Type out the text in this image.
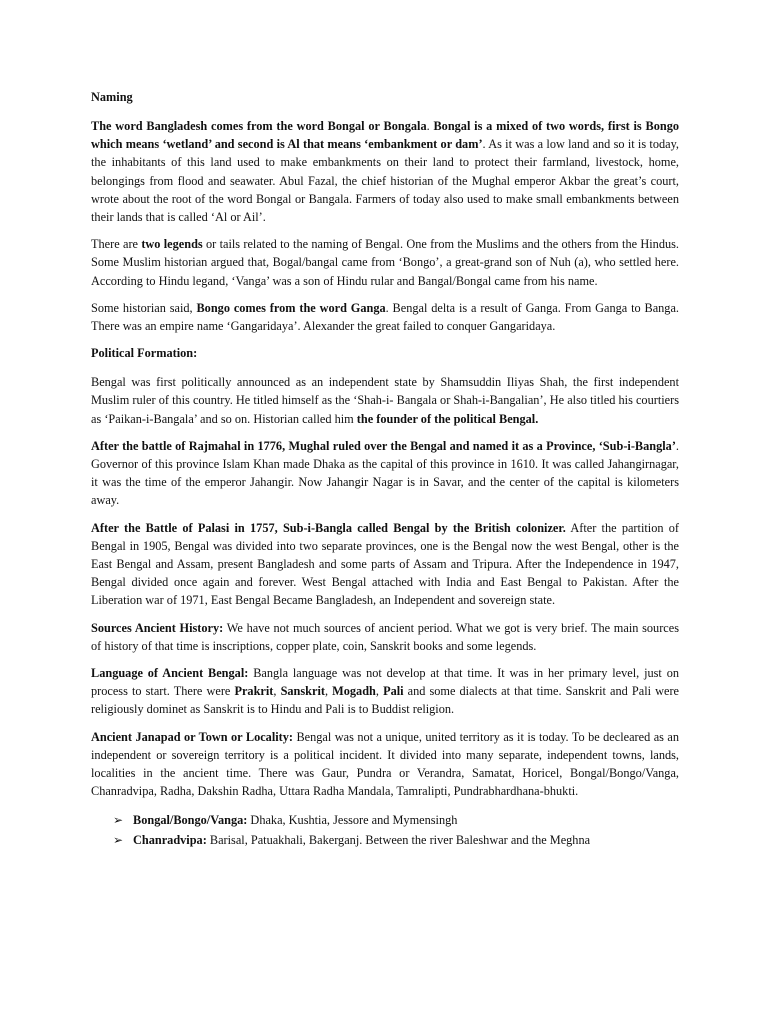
Naming

The word Bangladesh comes from the word Bongal or Bongala. Bongal is a mixed of two words, first is Bongo which means ‘wetland’ and second is Al that means ‘embankment or dam’. As it was a low land and so it is today, the inhabitants of this land used to make embankments on their land to protect their farmland, livestock, home, belongings from flood and seawater. Abul Fazal, the chief historian of the Mughal emperor Akbar the great’s court, wrote about the root of the word Bongal or Bangala. Farmers of today also used to make small embankments between their lands that is called ‘Al or Ail’.

There are two legends or tails related to the naming of Bengal. One from the Muslims and the others from the Hindus. Some Muslim historian argued that, Bogal/bangal came from ‘Bongo’, a great-grand son of Nuh (a), who settled here. According to Hindu legand, ‘Vanga’ was a son of Hindu rular and Bangal/Bongal came from his name.

Some historian said, Bongo comes from the word Ganga. Bengal delta is a result of Ganga. From Ganga to Banga. There was an empire name ‘Gangaridaya’. Alexander the great failed to conquer Gangaridaya.

Political Formation:

Bengal was first politically announced as an independent state by Shamsuddin Iliyas Shah, the first independent Muslim ruler of this country. He titled himself as the ‘Shah-i- Bangala or Shah-i-Bangalian’, He also titled his courtiers as ‘Paikan-i-Bangala’ and so on. Historian called him the founder of the political Bengal.

After the battle of Rajmahal in 1776, Mughal ruled over the Bengal and named it as a Province, ‘Sub-i-Bangla’. Governor of this province Islam Khan made Dhaka as the capital of this province in 1610. It was called Jahangirnagar, it was the time of the emperor Jahangir. Now Jahangir Nagar is in Savar, and the center of the capital is kilometers away.

After the Battle of Palasi in 1757, Sub-i-Bangla called Bengal by the British colonizer. After the partition of Bengal in 1905, Bengal was divided into two separate provinces, one is the Bengal now the west Bengal, other is the East Bengal and Assam, present Bangladesh and some parts of Assam and Tripura. After the Independence in 1947, Bengal divided once again and forever. West Bengal attached with India and East Bengal to Pakistan. After the Liberation war of 1971, East Bengal Became Bangladesh, an Independent and sovereign state.

Sources Ancient History: We have not much sources of ancient period. What we got is very brief. The main sources of history of that time is inscriptions, copper plate, coin, Sanskrit books and some legends.

Language of Ancient Bengal: Bangla language was not develop at that time. It was in her primary level, just on process to start. There were Prakrit, Sanskrit, Mogadh, Pali and some dialects at that time. Sanskrit and Pali were religiously dominet as Sanskrit is to Hindu and Pali is to Buddist religion.

Ancient Janapad or Town or Locality: Bengal was not a unique, united territory as it is today. To be decleared as an independent or sovereign territory is a political incident. It divided into many separate, independent towns, lands, localities in the ancient time. There was Gaur, Pundra or Verandra, Samatat, Horicel, Bongal/Bongo/Vanga, Chanradvipa, Radha, Dakshin Radha, Uttara Radha Mandala, Tamralipti, Pundrabhardhana-bhukti.

➢ Bongal/Bongo/Vanga: Dhaka, Kushtia, Jessore and Mymensingh
➢ Chanradvipa: Barisal, Patuakhali, Bakerganj. Between the river Baleshwar and the Meghna
